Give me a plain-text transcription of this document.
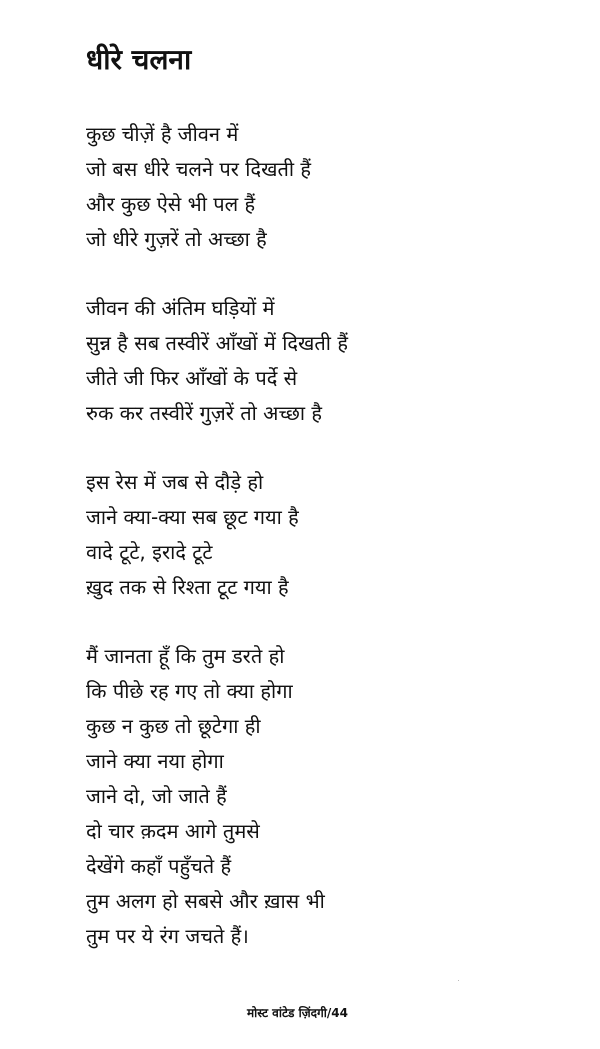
धीरे चलना
कुछ चीज़ें है जीवन में
जो बस धीरे चलने पर दिखती हैं
और कुछ ऐसे भी पल हैं
जो धीरे गुज़रें तो अच्छा है
जीवन की अंतिम घड़ियों में
सुन्न है सब तस्वीरें आँखों में दिखती हैं
जीते जी फिर आँखों के पर्दे से
रुक कर तस्वीरें गुज़रें तो अच्छा है
इस रेस में जब से दौड़े हो
जाने क्या-क्या सब छूट गया है
वादे टूटे, इरादे टूटे
ख़ुद तक से रिश्ता टूट गया है
मैं जानता हूँ कि तुम डरते हो
कि पीछे रह गए तो क्या होगा
कुछ न कुछ तो छूटेगा ही
जाने क्या नया होगा
जाने दो, जो जाते हैं
दो चार क़दम आगे तुमसे
देखेंगे कहाँ पहुँचते हैं
तुम अलग हो सबसे और ख़ास भी
तुम पर ये रंग जचते हैं।
मोस्ट वांटेड ज़िंदगी/44
